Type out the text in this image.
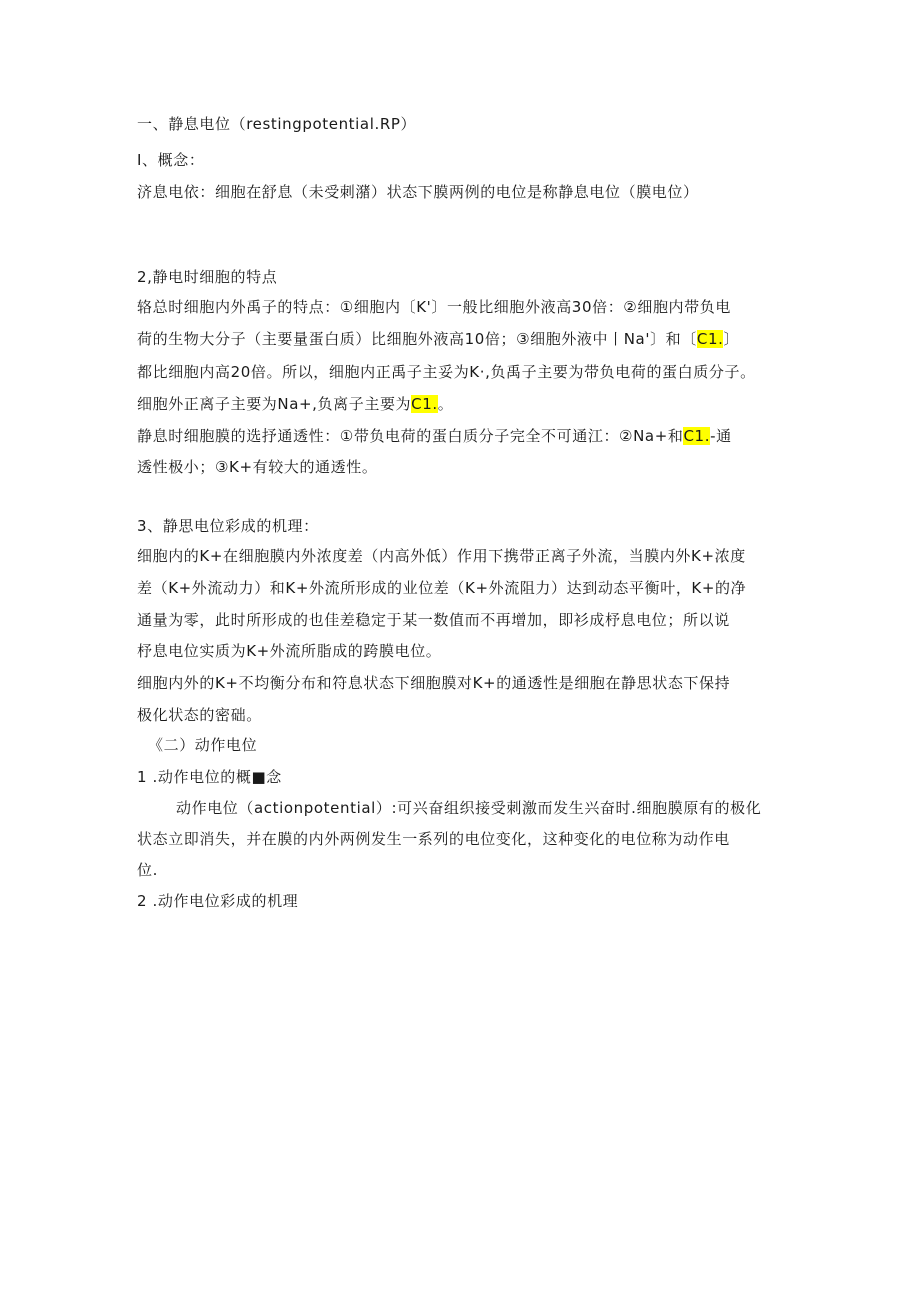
一、静息电位（restingpotential.RP）
I、概念：
济息电依：细胞在舒息（未受刺潴）状态下膜两例的电位是称静息电位（膜电位）
2,静电时细胞的特点
辂总时细胞内外禹子的特点：①细胞内〔K'〕一般比细胞外液高30倍：②细胞内带负电
荷的生物大分子（主要量蛋白质）比细胞外液高10倍；③细胞外液中丨Na'〕和〔C1.〕
都比细胞内高20倍。所以，细胞内正禹子主妥为K·,负禹子主要为带负电荷的蛋白质分子。
细胞外正离子主要为Na+,负离子主要为C1.。
静息时细胞膜的选抒通透性：①带负电荷的蛋白质分子完全不可通江：②Na+和C1.-通
透性极小；③K+有较大的通透性。
3、静思电位彩成的机理：
细胞内的K+在细胞膜内外浓度差（内高外低）作用下携带正离子外流，当膜内外K+浓度
差（K+外流动力）和K+外流所形成的业位差（K+外流阻力）达到动态平衡叶，K+的净
通量为零，此时所形成的也佳差稳定于某一数值而不再增加，即衫成杼息电位；所以说
杼息电位实质为K+外流所脂成的跨膜电位。
细胞内外的K+不均衡分布和符息状态下细胞膜对K+的通透性是细胞在静思状态下保持
极化状态的密础。
《二）动作电位
1 .动作电位的概■念
动作电位（actionpotential）:可兴奋组织接受刺激而发生兴奋时.细胞膜原有的极化
状态立即消失，并在膜的内外两例发生一系列的电位变化，这种变化的电位称为动作电
位.
2 .动作电位彩成的机理
